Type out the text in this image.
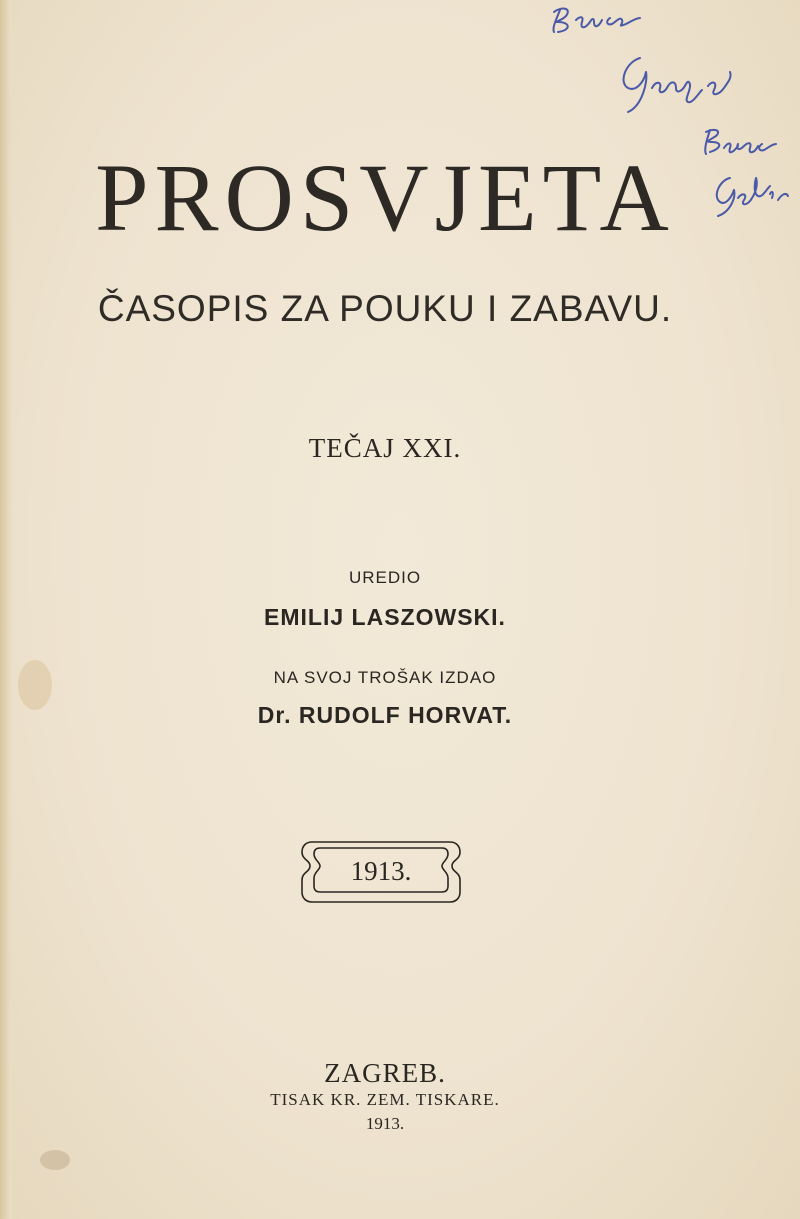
PROSVJETA
ČASOPIS ZA POUKU I ZABAVU.
TEČAJ XXI.
UREDIO
EMILIJ LASZOWSKI.
NA SVOJ TROŠAK IZDAO
Dr. RUDOLF HORVAT.
1913.
ZAGREB.
TISAK KR. ZEM. TISKARE.
1913.
